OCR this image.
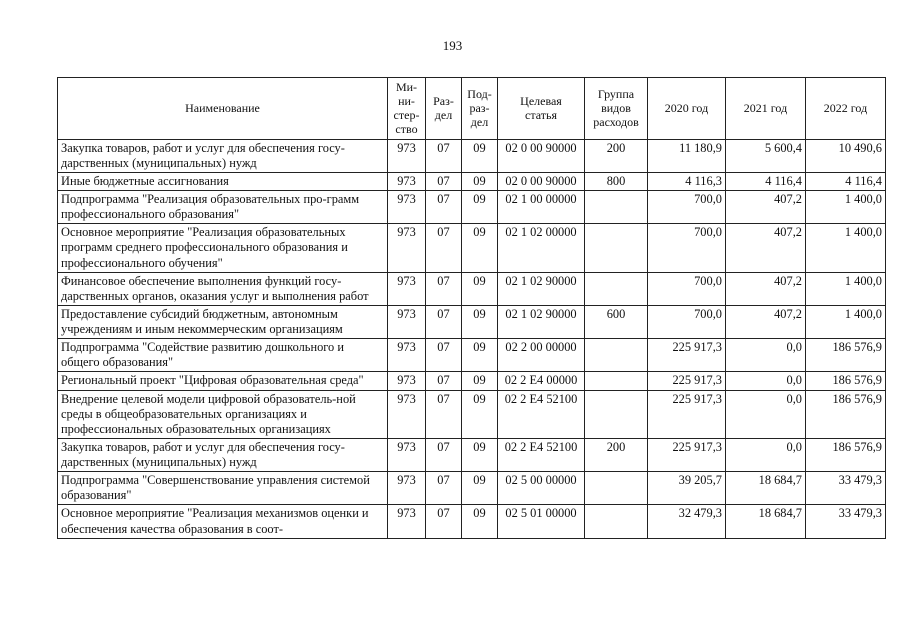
193
Наименование	Ми-
ни-
стер-
ство	Раз-
дел	Под-
раз-
дел	Целевая
статья	Группа
видов
расходов	2020 год	2021 год	2022 год
Закупка товаров, работ и услуг для обеспечения госу-дарственных (муниципальных) нужд	973	07	09	02 0 00 90000	200	11 180,9	5 600,4	10 490,6
Иные бюджетные ассигнования	973	07	09	02 0 00 90000	800	4 116,3	4 116,4	4 116,4
Подпрограмма "Реализация образовательных про-грамм профессионального образования"	973	07	09	02 1 00 00000		700,0	407,2	1 400,0
Основное мероприятие "Реализация образовательных программ среднего профессионального образования и профессионального обучения"	973	07	09	02 1 02 00000		700,0	407,2	1 400,0
Финансовое обеспечение выполнения функций госу-дарственных органов, оказания услуг и выполнения работ	973	07	09	02 1 02 90000		700,0	407,2	1 400,0
Предоставление субсидий бюджетным, автономным учреждениям и иным некоммерческим организациям	973	07	09	02 1 02 90000	600	700,0	407,2	1 400,0
Подпрограмма "Содействие развитию дошкольного и общего образования"	973	07	09	02 2 00 00000		225 917,3	0,0	186 576,9
Региональный проект "Цифровая образовательная среда"	973	07	09	02 2 E4 00000		225 917,3	0,0	186 576,9
Внедрение целевой модели цифровой образователь-ной среды в общеобразовательных организациях и профессиональных образовательных организациях	973	07	09	02 2 E4 52100		225 917,3	0,0	186 576,9
Закупка товаров, работ и услуг для обеспечения госу-дарственных (муниципальных) нужд	973	07	09	02 2 E4 52100	200	225 917,3	0,0	186 576,9
Подпрограмма "Совершенствование управления системой образования"	973	07	09	02 5 00 00000		39 205,7	18 684,7	33 479,3
Основное мероприятие "Реализация механизмов оценки и обеспечения качества образования в соот-	973	07	09	02 5 01 00000		32 479,3	18 684,7	33 479,3
